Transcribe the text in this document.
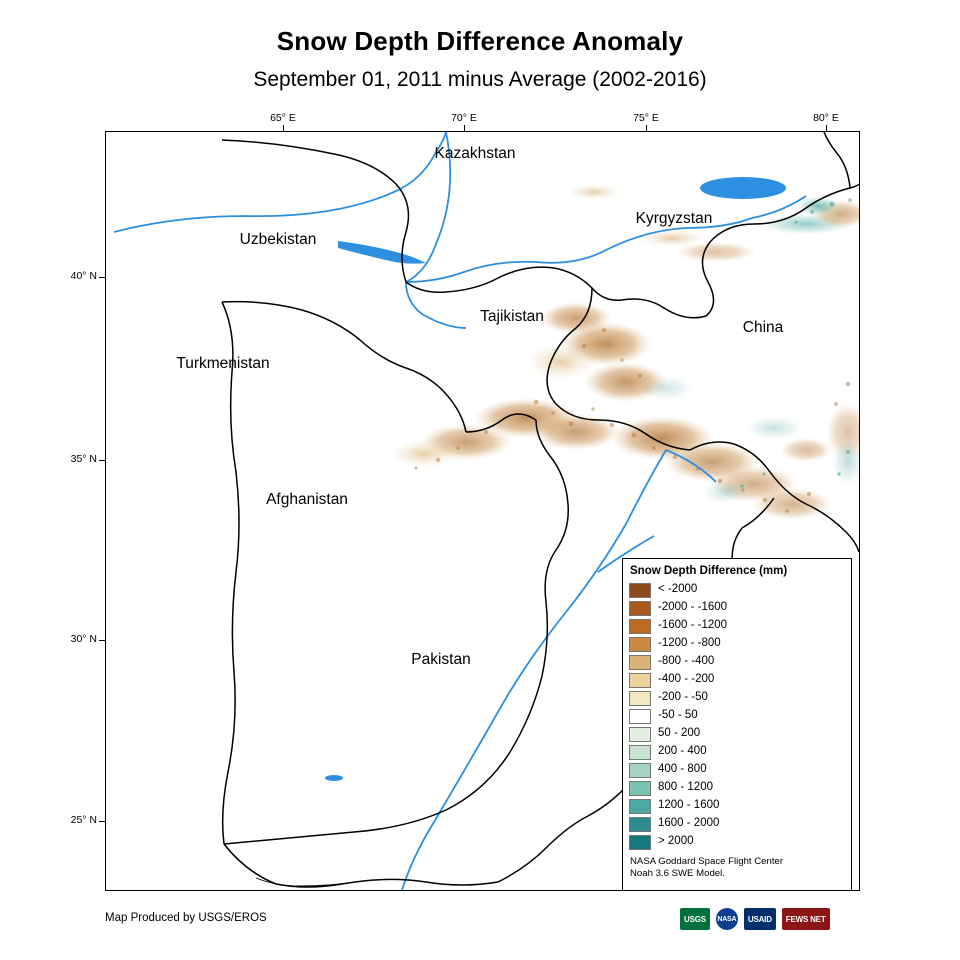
Snow Depth Difference Anomaly
September 01, 2011 minus Average (2002-2016)
65° E	70° E	75° E	80° E
40° N
35° N
30° N
25° N
Kazakhstan
Uzbekistan
Kyrgyzstan
Tajikistan
China
Turkmenistan
Afghanistan
Pakistan
Snow Depth Difference (mm)
< -2000
-2000 - -1600
-1600 - -1200
-1200 - -800
-800 - -400
-400 - -200
-200 - -50
-50 - 50
50 - 200
200 - 400
400 - 800
800 - 1200
1200 - 1600
1600 - 2000
> 2000
NASA Goddard Space Flight Center
Noah 3.6 SWE Model.
Map Produced by USGS/EROS	USGS	NASA	USAID	FEWS NET
